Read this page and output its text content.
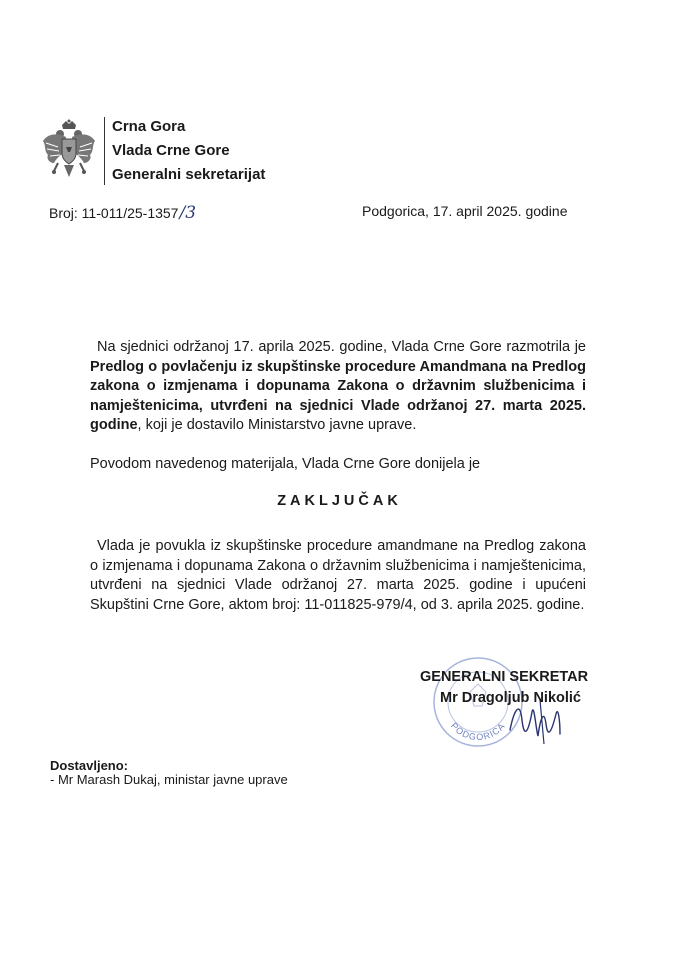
Crna Gora
Vlada Crne Gore
Generalni sekretarijat
Broj: 11-011/25-1357/3	Podgorica, 17. april 2025. godine
Na sjednici održanoj 17. aprila 2025. godine, Vlada Crne Gore razmotrila je Predlog o povlačenju iz skupštinske procedure Amandmana na Predlog zakona o izmjenama i dopunama Zakona o državnim službenicima i namještenicima, utvrđeni na sjednici Vlade održanoj 27. marta 2025. godine, koji je dostavilo Ministarstvo javne uprave.
Povodom navedenog materijala, Vlada Crne Gore donijela je
ZAKLJUČAK
Vlada je povukla iz skupštinske procedure amandmane na Predlog zakona o izmjenama i dopunama Zakona o državnim službenicima i namještenicima, utvrđeni na sjednici Vlade održanoj 27. marta 2025. godine i upućeni Skupštini Crne Gore, aktom broj: 11-011825-979/4, od 3. aprila 2025. godine.
PODGORICA
GENERALNI SEKRETAR
Mr Dragoljub Nikolić
Dostavljeno:
- Mr Marash Dukaj, ministar javne uprave
